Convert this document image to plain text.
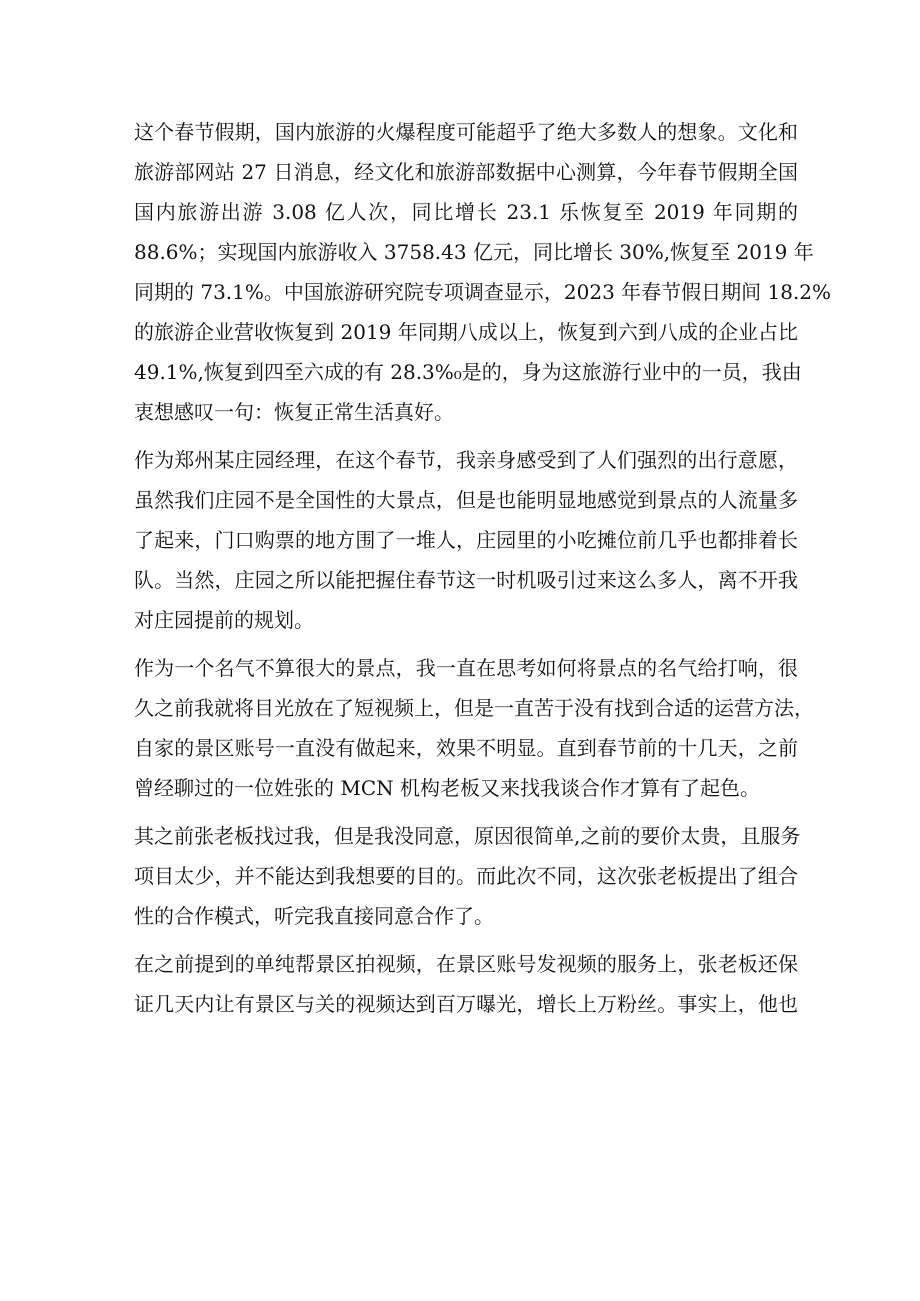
这个春节假期，国内旅游的火爆程度可能超乎了绝大多数人的想象。文化和
旅游部网站 27 日消息，经文化和旅游部数据中心测算，今年春节假期全国
国内旅游出游 3.08 亿人次，同比增长 23.1 乐恢复至 2019 年同期的
88.6%；实现国内旅游收入 3758.43 亿元，同比增长 30%,恢复至 2019 年
同期的 73.1%。中国旅游研究院专项调查显示，2023 年春节假日期间 18.2%
的旅游企业营收恢复到 2019 年同期八成以上，恢复到六到八成的企业占比
49.1%,恢复到四至六成的有 28.3%₀是的，身为这旅游行业中的一员，我由
衷想感叹一句：恢复正常生活真好。
作为郑州某庄园经理，在这个春节，我亲身感受到了人们强烈的出行意愿，
虽然我们庄园不是全国性的大景点，但是也能明显地感觉到景点的人流量多
了起来，门口购票的地方围了一堆人，庄园里的小吃摊位前几乎也都排着长
队。当然，庄园之所以能把握住春节这一时机吸引过来这么多人，离不开我
对庄园提前的规划。
作为一个名气不算很大的景点，我一直在思考如何将景点的名气给打响，很
久之前我就将目光放在了短视频上，但是一直苦于没有找到合适的运营方法，
自家的景区账号一直没有做起来，效果不明显。直到春节前的十几天，之前
曾经聊过的一位姓张的 MCN 机构老板又来找我谈合作才算有了起色。
其之前张老板找过我，但是我没同意，原因很简单,之前的要价太贵，且服务
项目太少，并不能达到我想要的目的。而此次不同，这次张老板提出了组合
性的合作模式，听完我直接同意合作了。
在之前提到的单纯帮景区拍视频，在景区账号发视频的服务上，张老板还保
证几天内让有景区与关的视频达到百万曝光，增长上万粉丝。事实上，他也
